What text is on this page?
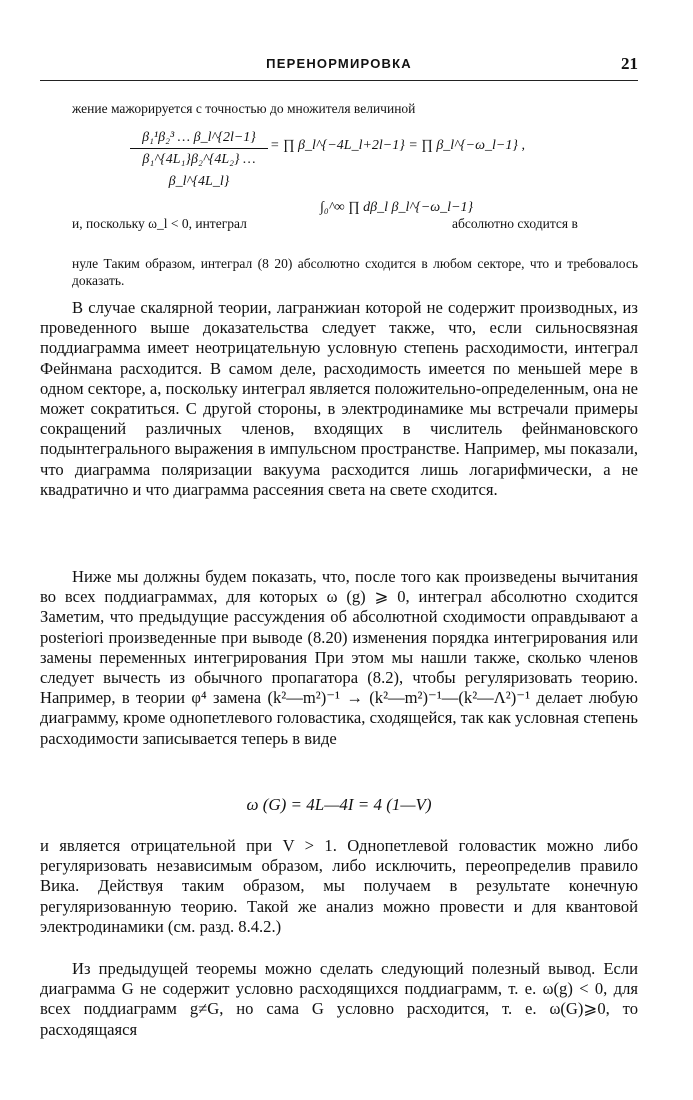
ПЕРЕНОРМИРОВКА	21
жение мажорируется с точностью до множителя величиной
$\frac{\text{β₁¹β₂³ … β\_l\textasciicircum{}\{2l−1\}}}{\text{β₁\textasciicircum{}\{4L₁\}β₂\textasciicircum{}\{4L₂\} … β\_l\textasciicircum{}\{4L\_l\}}}$ = ∏ β_l^{−4L_l+2l−1} = ∏ β_l^{−ω_l−1} ,
и, поскольку ω_l < 0, интеграл
∫₀^∞ ∏ dβ_l β_l^{−ω_l−1}
абсолютно сходится в
нуле Таким образом, интеграл (8 20) абсолютно сходится в любом секторе, что и требовалось доказать.
В случае скалярной теории, лагранжиан которой не содержит производных, из проведенного выше доказательства следует также, что, если сильносвязная поддиаграмма имеет неотрицательную условную степень расходимости, интеграл Фейнмана расходится. В самом деле, расходимость имеется по меньшей мере в одном секторе, а, поскольку интеграл является положительно-определенным, она не может сократиться. С другой стороны, в электродинамике мы встречали примеры сокращений различных членов, входящих в числитель фейнмановского подынтегрального выражения в импульсном пространстве. Например, мы показали, что диаграмма поляризации вакуума расходится лишь логарифмически, а не квадратично и что диаграмма рассеяния света на свете сходится.
Ниже мы должны будем показать, что, после того как произведены вычитания во всех поддиаграммах, для которых ω (g) ⩾ 0, интеграл абсолютно сходится Заметим, что предыдущие рассуждения об абсолютной сходимости оправдывают a posteriori произведенные при выводе (8.20) изменения порядка интегрирования или замены переменных интегрирования При этом мы нашли также, сколько членов следует вычесть из обычного пропагатора (8.2), чтобы регуляризовать теорию. Например, в теории φ⁴ замена (k²—m²)⁻¹ → (k²—m²)⁻¹—(k²—Λ²)⁻¹ делает любую диаграмму, кроме однопетлевого головастика, сходящейся, так как условная степень расходимости записывается теперь в виде
ω (G) = 4L—4I = 4 (1—V)
и является отрицательной при V > 1. Однопетлевой головастик можно либо регуляризовать независимым образом, либо исключить, переопределив правило Вика. Действуя таким образом, мы получаем в результате конечную регуляризованную теорию. Такой же анализ можно провести и для квантовой электродинамики (см. разд. 8.4.2.)
Из предыдущей теоремы можно сделать следующий полезный вывод. Если диаграмма G не содержит условно расходящихся поддиаграмм, т. е. ω(g) < 0, для всех поддиаграмм g≠G, но сама G условно расходится, т. е. ω(G)⩾0, то расходящаяся
